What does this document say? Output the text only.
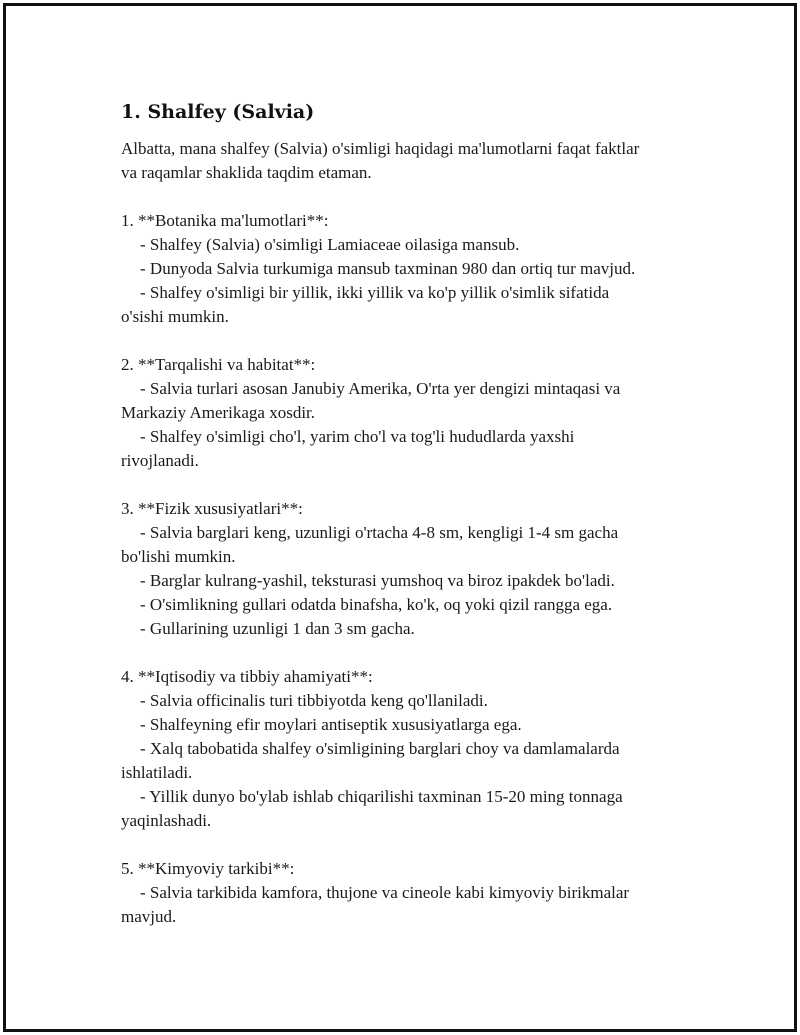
1. Shalfey (Salvia)

Albatta, mana shalfey (Salvia) o'simligi haqidagi ma'lumotlarni faqat faktlar
va raqamlar shaklida taqdim etaman.

1. **Botanika ma'lumotlari**:
- Shalfey (Salvia) o'simligi Lamiaceae oilasiga mansub.
- Dunyoda Salvia turkumiga mansub taxminan 980 dan ortiq tur mavjud.
- Shalfey o'simligi bir yillik, ikki yillik va ko'p yillik o'simlik sifatida
o'sishi mumkin.

2. **Tarqalishi va habitat**:
- Salvia turlari asosan Janubiy Amerika, O'rta yer dengizi mintaqasi va
Markaziy Amerikaga xosdir.
- Shalfey o'simligi cho'l, yarim cho'l va tog'li hududlarda yaxshi
rivojlanadi.

3. **Fizik xususiyatlari**:
- Salvia barglari keng, uzunligi o'rtacha 4-8 sm, kengligi 1-4 sm gacha
bo'lishi mumkin.
- Barglar kulrang-yashil, teksturasi yumshoq va biroz ipakdek bo'ladi.
- O'simlikning gullari odatda binafsha, ko'k, oq yoki qizil rangga ega.
- Gullarining uzunligi 1 dan 3 sm gacha.

4. **Iqtisodiy va tibbiy ahamiyati**:
- Salvia officinalis turi tibbiyotda keng qo'llaniladi.
- Shalfeyning efir moylari antiseptik xususiyatlarga ega.
- Xalq tabobatida shalfey o'simligining barglari choy va damlamalarda
ishlatiladi.
- Yillik dunyo bo'ylab ishlab chiqarilishi taxminan 15-20 ming tonnaga
yaqinlashadi.

5. **Kimyoviy tarkibi**:
- Salvia tarkibida kamfora, thujone va cineole kabi kimyoviy birikmalar
mavjud.
